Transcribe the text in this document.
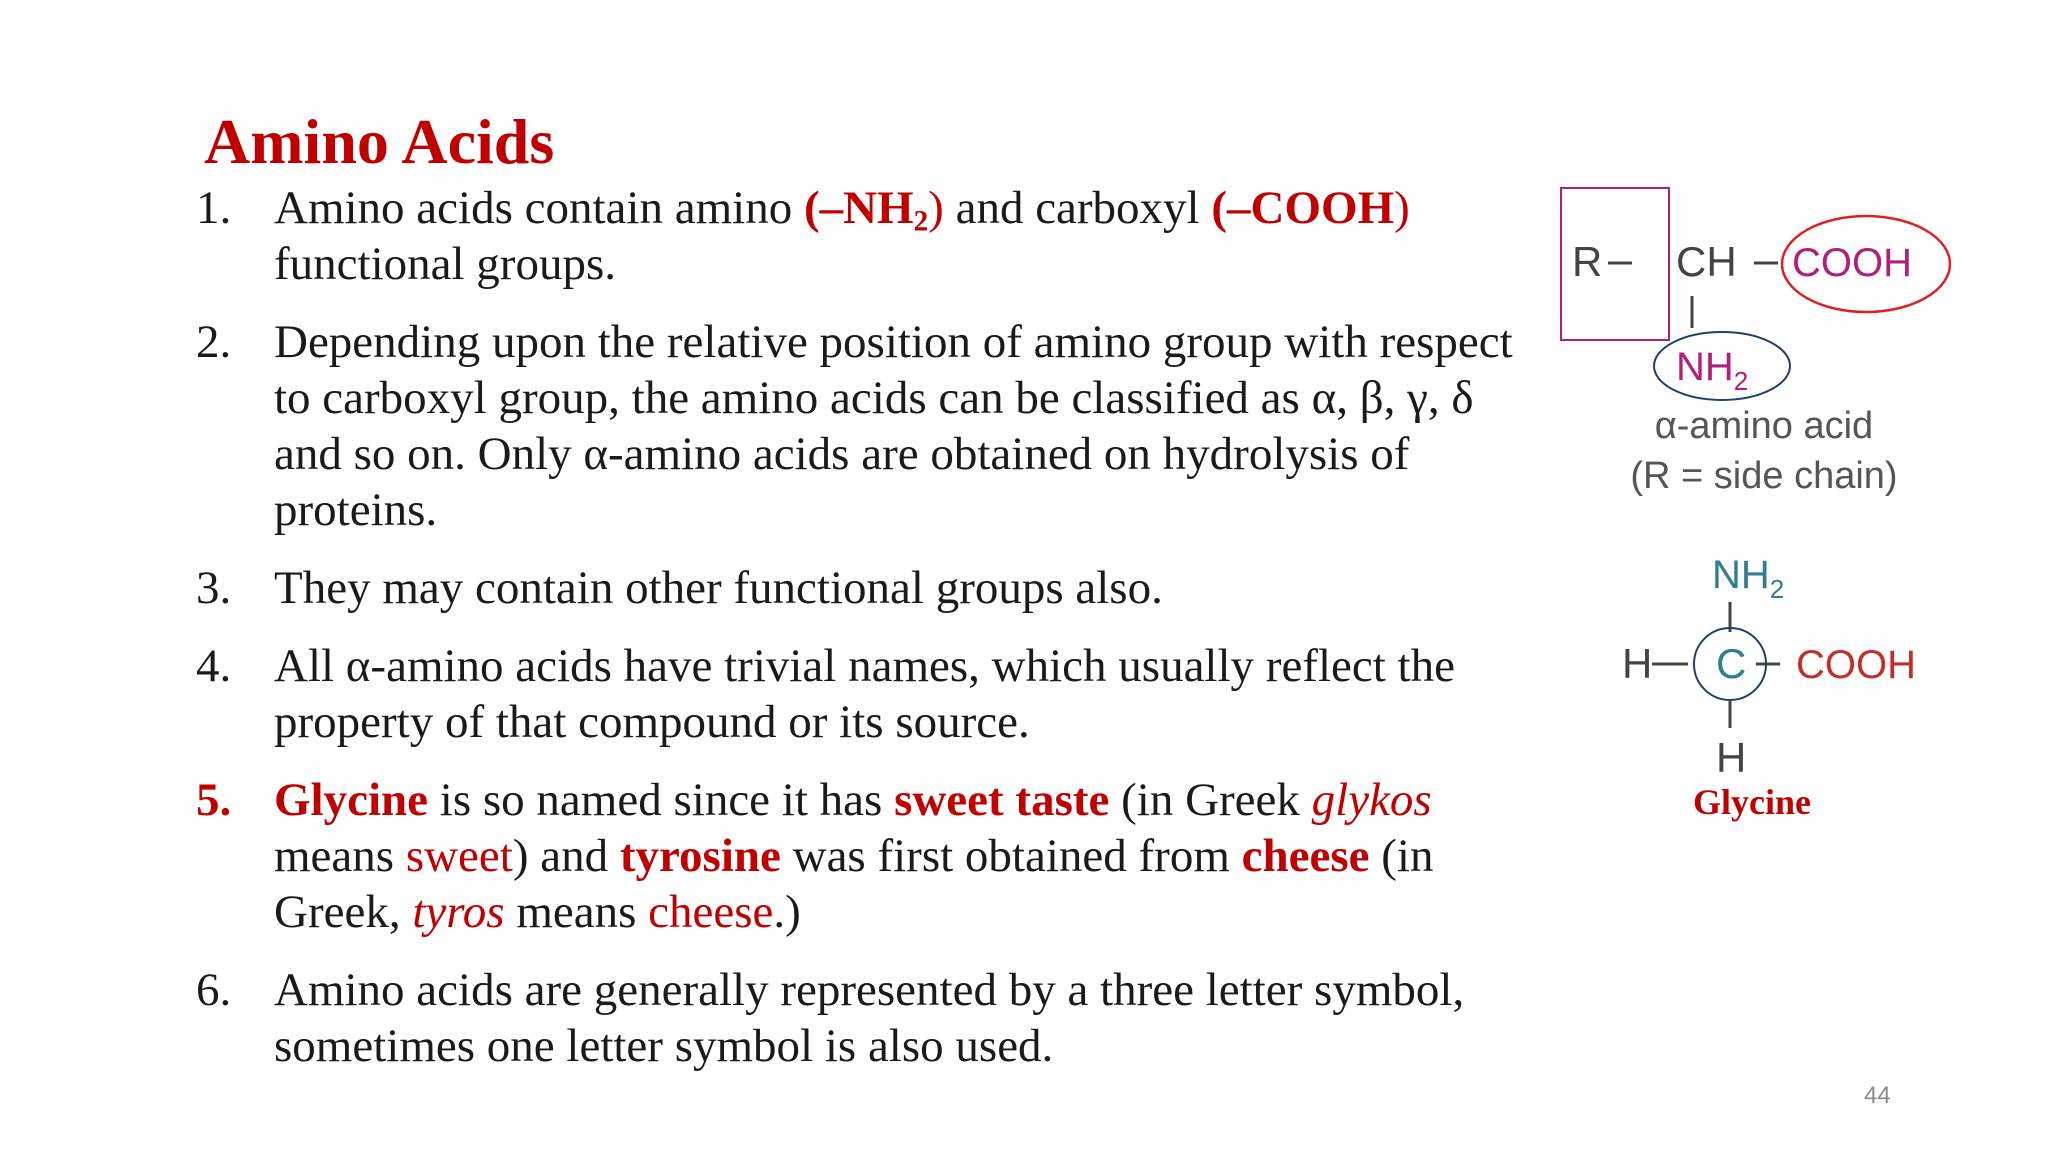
Amino Acids
1. Amino acids contain amino $(-NH_2)$ and carboxyl (–COOH) functional groups.
2. Depending upon the relative position of amino group with respect to carboxyl group, the amino acids can be classified as α, β, γ, δ and so on. Only α-amino acids are obtained on hydrolysis of proteins.
3. They may contain other functional groups also.
4. All α-amino acids have trivial names, which usually reflect the property of that compound or its source.
5. Glycine is so named since it has sweet taste (in Greek glykos means sweet) and tyrosine was first obtained from cheese (in Greek, tyros means cheese.)
6. Amino acids are generally represented by a three letter symbol, sometimes one letter symbol is also used.
R CH COOH
$NH_2$
α-amino acid
(R = side chain)
$NH_2$
H C COOH
H
Glycine
44
